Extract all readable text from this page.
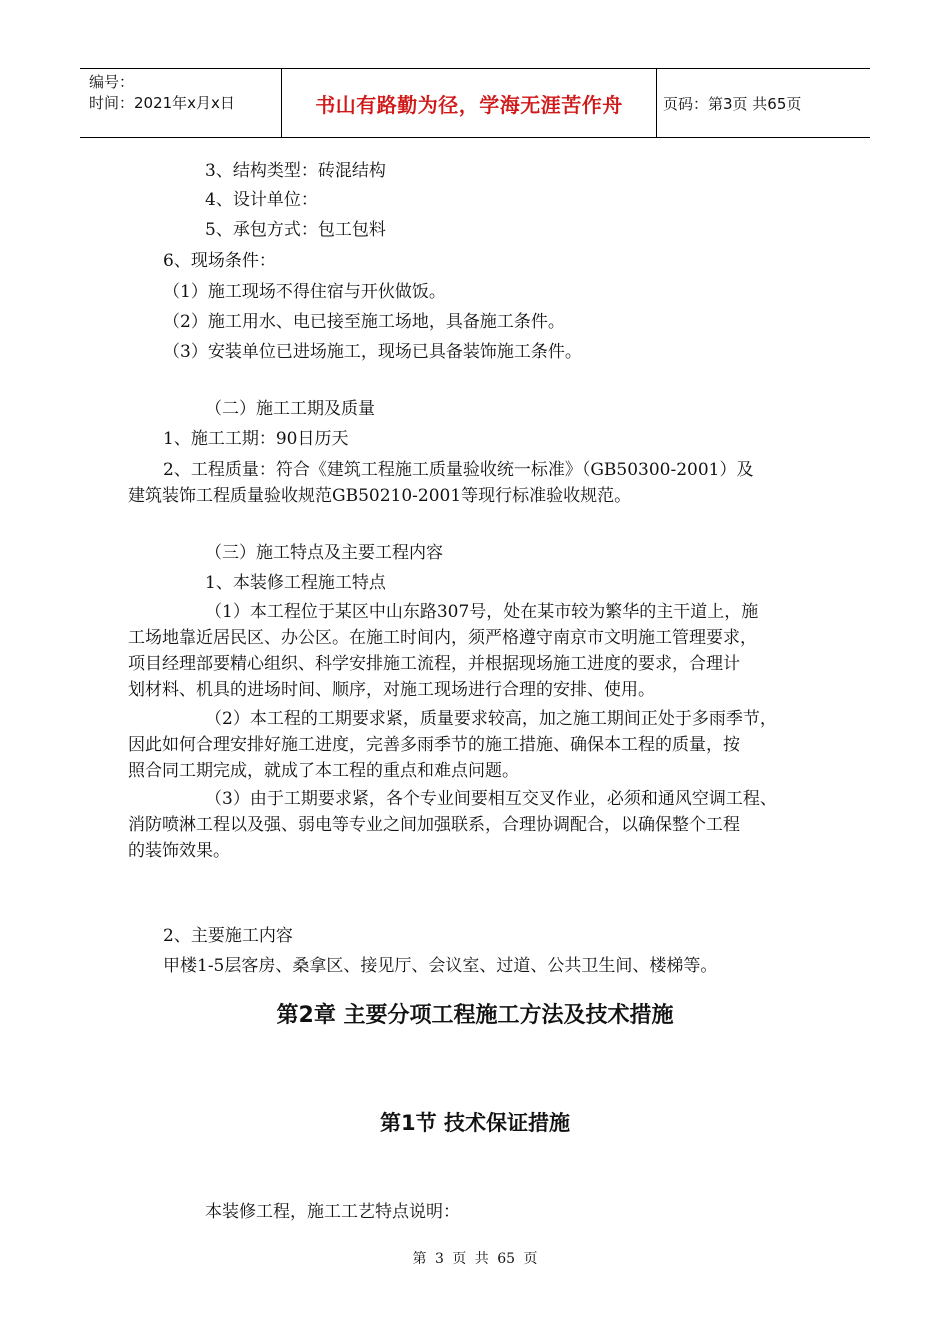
编号：
时间：2021年x月x日	书山有路勤为径，学海无涯苦作舟	页码：第3页 共65页
3、结构类型：砖混结构
4、设计单位：
5、承包方式：包工包料
6、现场条件：
（1）施工现场不得住宿与开伙做饭。
（2）施工用水、电已接至施工场地，具备施工条件。
（3）安装单位已进场施工，现场已具备装饰施工条件。
（二）施工工期及质量
1、施工工期：90日历天
2、工程质量：符合《建筑工程施工质量验收统一标准》（GB50300-2001）及
建筑装饰工程质量验收规范GB50210-2001等现行标准验收规范。
（三）施工特点及主要工程内容
1、本装修工程施工特点
（1）本工程位于某区中山东路307号，处在某市较为繁华的主干道上，施
工场地靠近居民区、办公区。在施工时间内，须严格遵守南京市文明施工管理要求，
项目经理部要精心组织、科学安排施工流程，并根据现场施工进度的要求，合理计
划材料、机具的进场时间、顺序，对施工现场进行合理的安排、使用。
（2）本工程的工期要求紧，质量要求较高，加之施工期间正处于多雨季节，
因此如何合理安排好施工进度，完善多雨季节的施工措施、确保本工程的质量，按
照合同工期完成，就成了本工程的重点和难点问题。
（3）由于工期要求紧，各个专业间要相互交叉作业，必须和通风空调工程、
消防喷淋工程以及强、弱电等专业之间加强联系，合理协调配合，以确保整个工程
的装饰效果。
2、主要施工内容
甲楼1-5层客房、桑拿区、接见厅、会议室、过道、公共卫生间、楼梯等。
第2章 主要分项工程施工方法及技术措施
第1节 技术保证措施
本装修工程，施工工艺特点说明：
第 3 页 共 65 页
